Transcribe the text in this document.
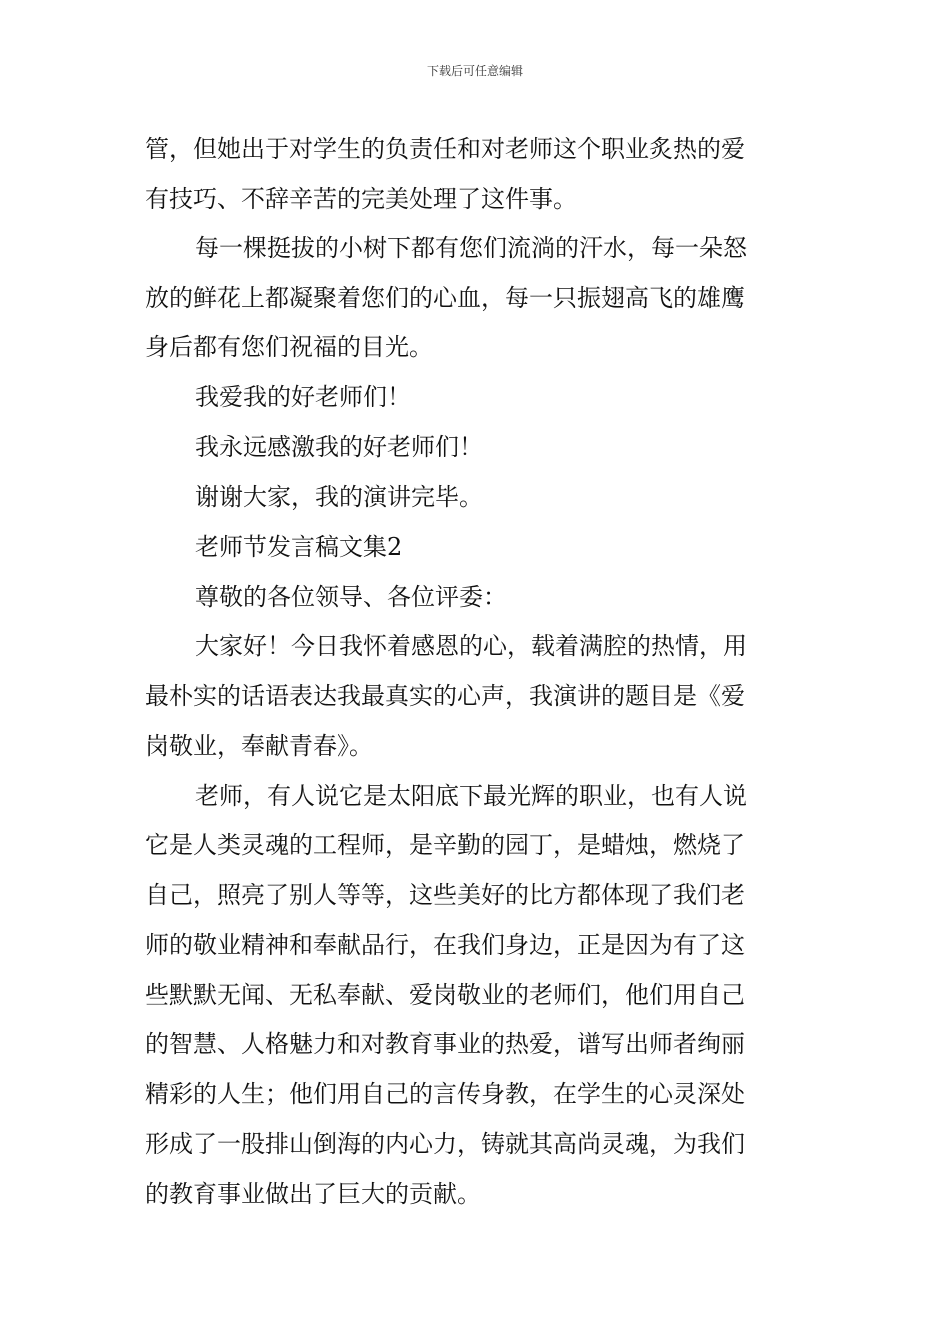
下载后可任意编辑
管，但她出于对学生的负责任和对老师这个职业炙热的爱
有技巧、不辞辛苦的完美处理了这件事。
每一棵挺拔的小树下都有您们流淌的汗水，每一朵怒
放的鲜花上都凝聚着您们的心血，每一只振翅高飞的雄鹰
身后都有您们祝福的目光。
我爱我的好老师们！
我永远感激我的好老师们！
谢谢大家，我的演讲完毕。
老师节发言稿文集2
尊敬的各位领导、各位评委：
大家好！今日我怀着感恩的心，载着满腔的热情，用
最朴实的话语表达我最真实的心声，我演讲的题目是《爱
岗敬业，奉献青春》。
老师，有人说它是太阳底下最光辉的职业，也有人说
它是人类灵魂的工程师，是辛勤的园丁，是蜡烛，燃烧了
自己，照亮了别人等等，这些美好的比方都体现了我们老
师的敬业精神和奉献品行，在我们身边，正是因为有了这
些默默无闻、无私奉献、爱岗敬业的老师们，他们用自己
的智慧、人格魅力和对教育事业的热爱，谱写出师者绚丽
精彩的人生；他们用自己的言传身教，在学生的心灵深处
形成了一股排山倒海的内心力，铸就其高尚灵魂，为我们
的教育事业做出了巨大的贡献。
